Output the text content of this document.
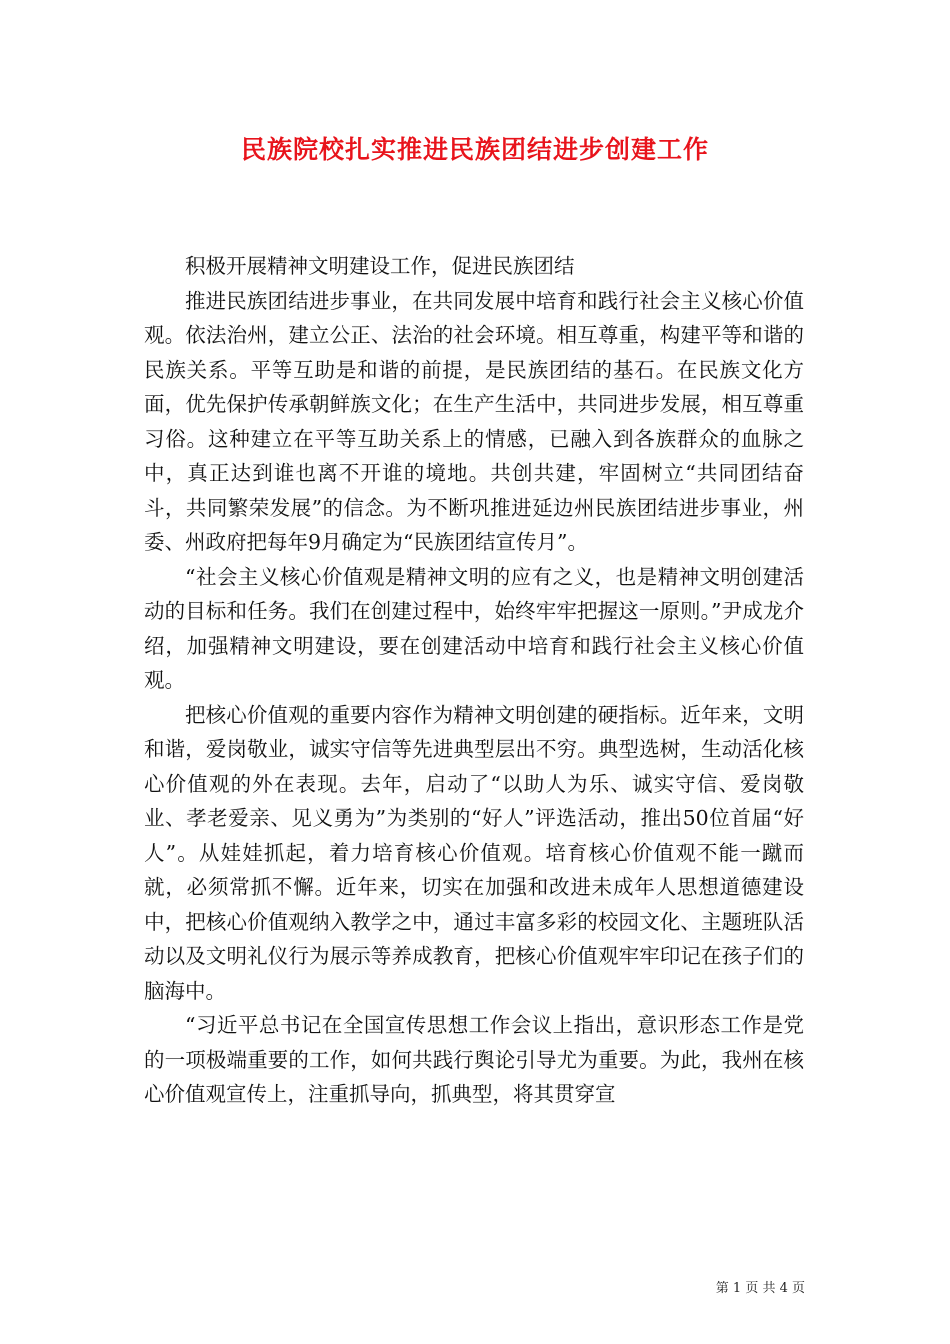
民族院校扎实推进民族团结进步创建工作

积极开展精神文明建设工作，促进民族团结

推进民族团结进步事业，在共同发展中培育和践行社会主义核心价值观。依法治州，建立公正、法治的社会环境。相互尊重，构建平等和谐的民族关系。平等互助是和谐的前提，是民族团结的基石。在民族文化方面，优先保护传承朝鲜族文化；在生产生活中，共同进步发展，相互尊重习俗。这种建立在平等互助关系上的情感，已融入到各族群众的血脉之中，真正达到谁也离不开谁的境地。共创共建，牢固树立“共同团结奋斗，共同繁荣发展”的信念。为不断巩推进延边州民族团结进步事业，州委、州政府把每年9月确定为“民族团结宣传月”。

“社会主义核心价值观是精神文明的应有之义，也是精神文明创建活动的目标和任务。我们在创建过程中，始终牢牢把握这一原则。”尹成龙介绍，加强精神文明建设，要在创建活动中培育和践行社会主义核心价值观。

把核心价值观的重要内容作为精神文明创建的硬指标。近年来，文明和谐，爱岗敬业，诚实守信等先进典型层出不穷。典型选树，生动活化核心价值观的外在表现。去年，启动了“以助人为乐、诚实守信、爱岗敬业、孝老爱亲、见义勇为”为类别的“好人”评选活动，推出50位首届“好人”。从娃娃抓起，着力培育核心价值观。培育核心价值观不能一蹴而就，必须常抓不懈。近年来，切实在加强和改进未成年人思想道德建设中，把核心价值观纳入教学之中，通过丰富多彩的校园文化、主题班队活动以及文明礼仪行为展示等养成教育，把核心价值观牢牢印记在孩子们的脑海中。

“习近平总书记在全国宣传思想工作会议上指出，意识形态工作是党的一项极端重要的工作，如何共践行舆论引导尤为重要。为此，我州在核心价值观宣传上，注重抓导向，抓典型，将其贯穿宣

第 1 页 共 4 页
